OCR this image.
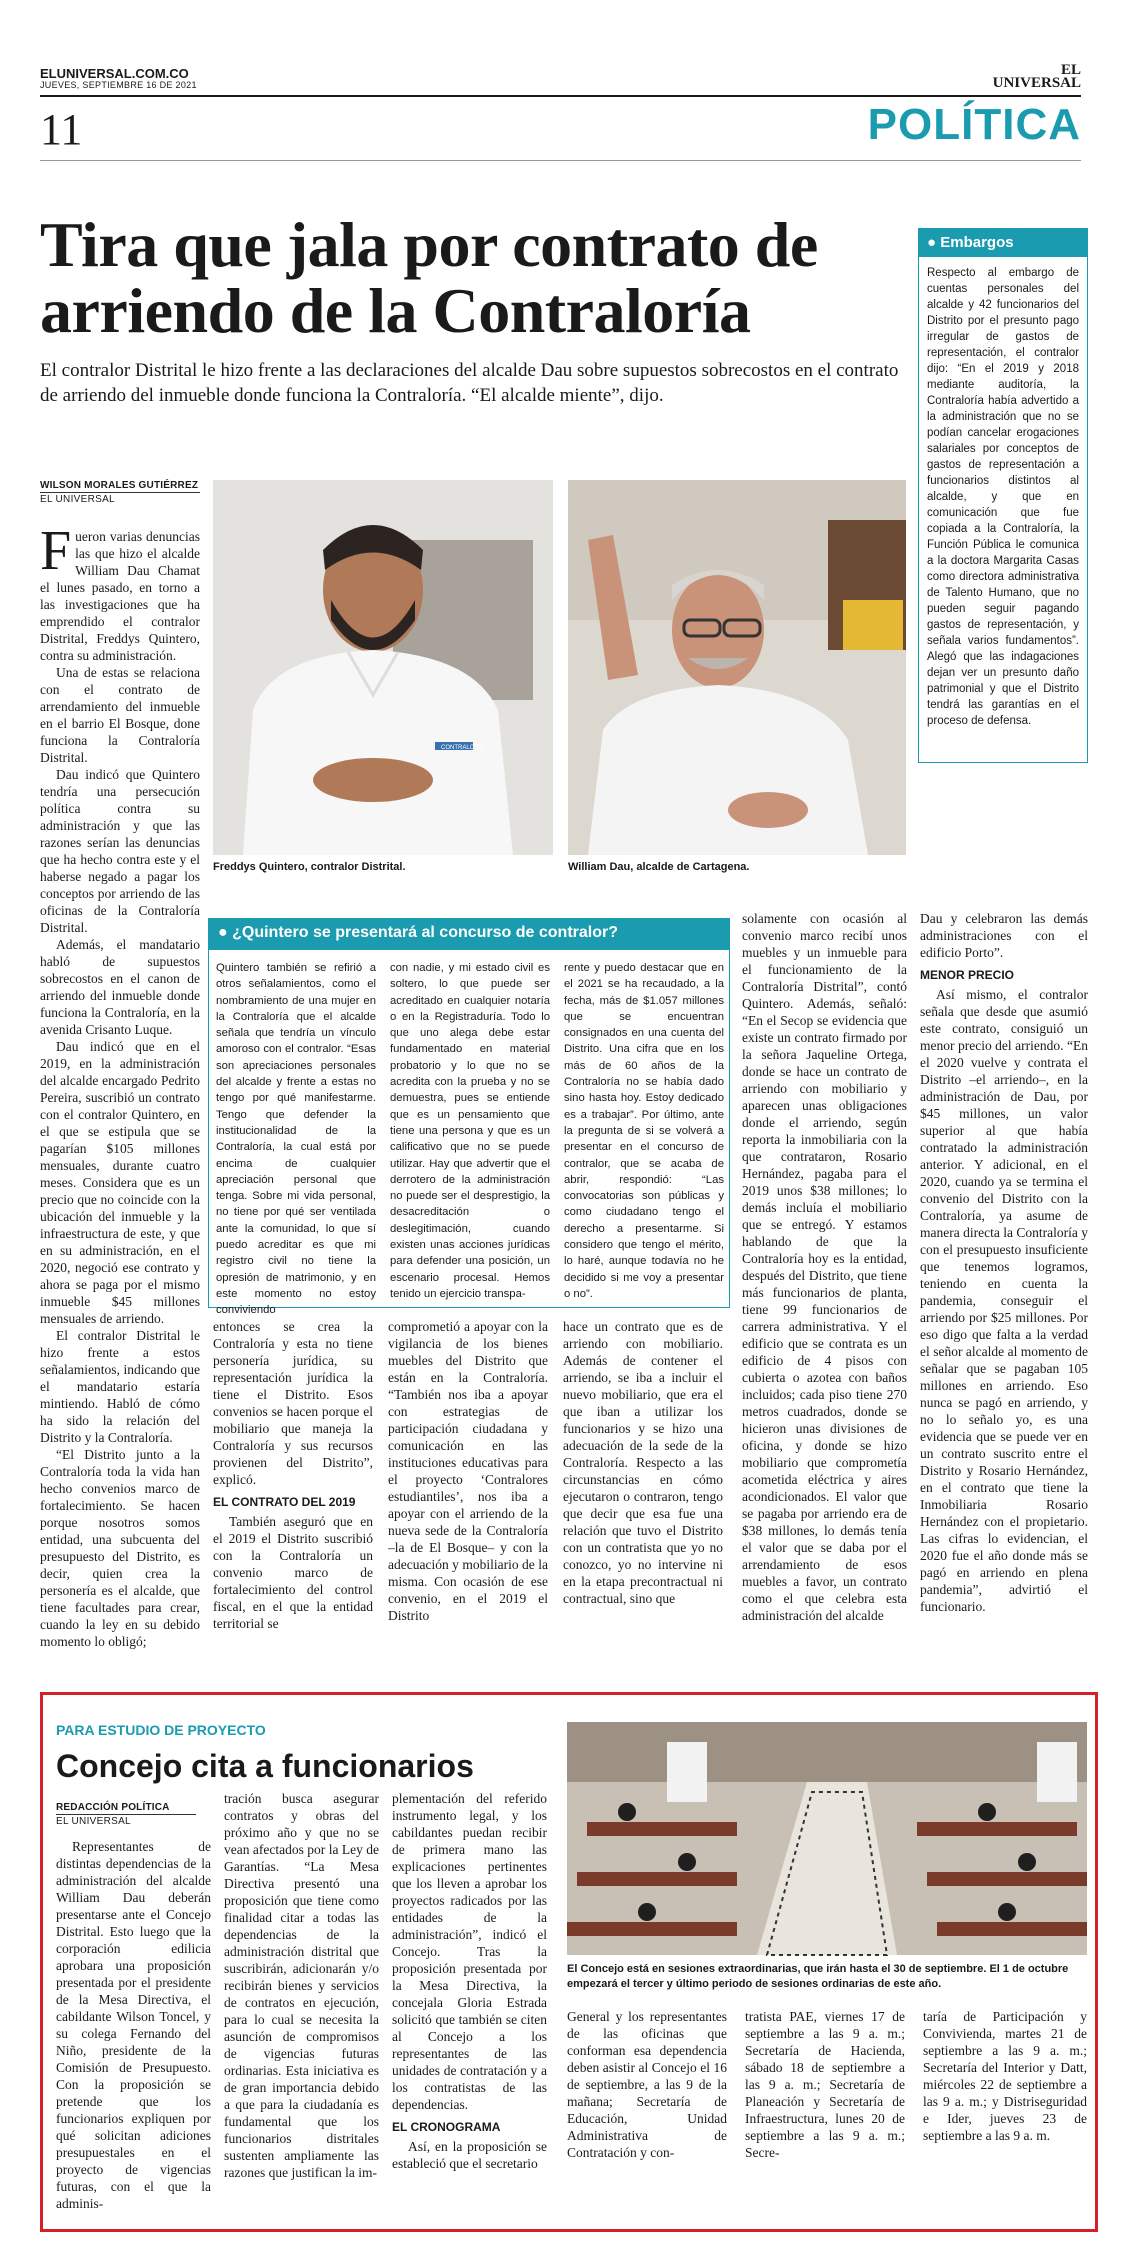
ELUNIVERSAL.COM.CO
JUEVES, SEPTIEMBRE 16 DE 2021
EL
UNIVERSAL
11	POLÍTICA
Tira que jala por contrato de
arriendo de la Contraloría
El contralor Distrital le hizo frente a las declaraciones del alcalde Dau sobre supuestos sobrecostos en el contrato de arriendo del inmueble donde funciona la Contraloría. “El alcalde miente”, dijo.
WILSON MORALES GUTIÉRREZ
EL UNIVERSAL

Fueron varias denuncias las que hizo el alcalde William Dau Chamat el lunes pasado, en torno a las investigaciones que ha emprendido el contralor Distrital, Freddys Quintero, contra su administración.

Una de estas se relaciona con el contrato de arrendamiento del inmueble en el barrio El Bosque, done funciona la Contraloría Distrital.

Dau indicó que Quintero tendría una persecución política contra su administración y que las razones serían las denuncias que ha hecho contra este y el haberse negado a pagar los conceptos por arriendo de las oficinas de la Contraloría Distrital.

Además, el mandatario habló de supuestos sobrecostos en el canon de arriendo del inmueble donde funciona la Contraloría, en la avenida Crisanto Luque.

Dau indicó que en el 2019, en la administración del alcalde encargado Pedrito Pereira, suscribió un contrato con el contralor Quintero, en el que se estipula que se pagarían $105 millones mensuales, durante cuatro meses. Considera que es un precio que no coincide con la ubicación del inmueble y la infraestructura de este, y que en su administración, en el 2020, negoció ese contrato y ahora se paga por el mismo inmueble $45 millones mensuales de arriendo.

El contralor Distrital le hizo frente a estos señalamientos, indicando que el mandatario estaría mintiendo. Habló de cómo ha sido la relación del Distrito y la Contraloría.

“El Distrito junto a la Contraloría toda la vida han hecho convenios marco de fortalecimiento. Se hacen porque nosotros somos entidad, una subcuenta del presupuesto del Distrito, es decir, quien crea la personería es el alcalde, que tiene facultades para crear, cuando la ley en su debido momento lo obligó;

CONTRALORÍA
Freddys Quintero, contralor Distrital.	William Dau, alcalde de Cartagena.
● Embargos
Respecto al embargo de cuentas personales del alcalde y 42 funcionarios del Distrito por el presunto pago irregular de gastos de representación, el contralor dijo: “En el 2019 y 2018 mediante auditoría, la Contraloría había advertido a la administración que no se podían cancelar erogaciones salariales por conceptos de gastos de representación a funcionarios distintos al alcalde, y que en comunicación que fue copiada a la Contraloría, la Función Pública le comunica a la doctora Margarita Casas como directora administrativa de Talento Humano, que no pueden seguir pagando gastos de representación, y señala varios fundamentos”. Alegó que las indagaciones dejan ver un presunto daño patrimonial y que el Distrito tendrá las garantías en el proceso de defensa.
● ¿Quintero se presentará al concurso de contralor?
Quintero también se refirió a otros señalamientos, como el nombramiento de una mujer en la Contraloría que el alcalde señala que tendría un vínculo amoroso con el contralor. “Esas son apreciaciones personales del alcalde y frente a estas no tengo por qué manifestarme. Tengo que defender la institucionalidad de la Contraloría, la cual está por encima de cualquier apreciación personal que tenga. Sobre mi vida personal, no tiene por qué ser ventilada ante la comunidad, lo que sí puedo acreditar es que mi registro civil no tiene la opresión de matrimonio, y en este momento no estoy conviviendo
con nadie, y mi estado civil es soltero, lo que puede ser acreditado en cualquier notaría o en la Registraduría. Todo lo que uno alega debe estar fundamentado en material probatorio y lo que no se acredita con la prueba y no se demuestra, pues se entiende que es un pensamiento que tiene una persona y que es un calificativo que no se puede utilizar. Hay que advertir que el derrotero de la administración no puede ser el desprestigio, la desacreditación o deslegitimación, cuando existen unas acciones jurídicas para defender una posición, un escenario procesal. Hemos tenido un ejercicio transpa-
rente y puedo destacar que en el 2021 se ha recaudado, a la fecha, más de $1.057 millones que se encuentran consignados en una cuenta del Distrito. Una cifra que en los más de 60 años de la Contraloría no se había dado sino hasta hoy. Estoy dedicado es a trabajar”. Por último, ante la pregunta de si se volverá a presentar en el concurso de contralor, que se acaba de abrir, respondió: “Las convocatorias son públicas y como ciudadano tengo el derecho a presentarme. Si considero que tengo el mérito, lo haré, aunque todavía no he decidido si me voy a presentar o no”.

entonces se crea la Contraloría y esta no tiene personería jurídica, su representación jurídica la tiene el Distrito. Esos convenios se hacen porque el mobiliario que maneja la Contraloría y sus recursos provienen del Distrito”, explicó.

EL CONTRATO DEL 2019

También aseguró que en el 2019 el Distrito suscribió con la Contraloría un convenio marco de fortalecimiento del control fiscal, en el que la entidad territorial se

comprometió a apoyar con la vigilancia de los bienes muebles del Distrito que están en la Contraloría. “También nos iba a apoyar con estrategias de participación ciudadana y comunicación en las instituciones educativas para el proyecto ‘Contralores estudiantiles’, nos iba a apoyar con el arriendo de la nueva sede de la Contraloría –la de El Bosque– y con la adecuación y mobiliario de la misma. Con ocasión de ese convenio, en el 2019 el Distrito

hace un contrato que es de arriendo con mobiliario. Además de contener el arriendo, se iba a incluir el nuevo mobiliario, que era el que iban a utilizar los funcionarios y se hizo una adecuación de la sede de la Contraloría. Respecto a las circunstancias en cómo ejecutaron o contraron, tengo que decir que esa fue una relación que tuvo el Distrito con un contratista que yo no conozco, yo no intervine ni en la etapa precontractual ni contractual, sino que

solamente con ocasión al convenio marco recibí unos muebles y un inmueble para el funcionamiento de la Contraloría Distrital”, contó Quintero. Además, señaló: “En el Secop se evidencia que existe un contrato firmado por la señora Jaqueline Ortega, donde se hace un contrato de arriendo con mobiliario y aparecen unas obligaciones donde el arriendo, según reporta la inmobiliaria con la que contrataron, Rosario Hernández, pagaba para el 2019 unos $38 millones; lo demás incluía el mobiliario que se entregó. Y estamos hablando de que la Contraloría hoy es la entidad, después del Distrito, que tiene más funcionarios de planta, tiene 99 funcionarios de carrera administrativa. Y el edificio que se contrata es un edificio de 4 pisos con cubierta o azotea con baños incluidos; cada piso tiene 270 metros cuadrados, donde se hicieron unas divisiones de oficina, y donde se hizo mobiliario que comprometía acometida eléctrica y aires acondicionados. El valor que se pagaba por arriendo era de $38 millones, lo demás tenía el valor que se daba por el arrendamiento de esos muebles a favor, un contrato como el que celebra esta administración del alcalde

Dau y celebraron las demás administraciones con el edificio Porto”.

MENOR PRECIO

Así mismo, el contralor señala que desde que asumió este contrato, consiguió un menor precio del arriendo. “En el 2020 vuelve y contrata el Distrito –el arriendo–, en la administración de Dau, por $45 millones, un valor superior al que había contratado la administración anterior. Y adicional, en el 2020, cuando ya se termina el convenio del Distrito con la Contraloría, ya asume de manera directa la Contraloría y con el presupuesto insuficiente que tenemos logramos, teniendo en cuenta la pandemia, conseguir el arriendo por $25 millones. Por eso digo que falta a la verdad el señor alcalde al momento de señalar que se pagaban 105 millones en arriendo. Eso nunca se pagó en arriendo, y no lo señalo yo, es una evidencia que se puede ver en un contrato suscrito entre el Distrito y Rosario Hernández, en el contrato que tiene la Inmobiliaria Rosario Hernández con el propietario. Las cifras lo evidencian, el 2020 fue el año donde más se pagó en arriendo en plena pandemia”, advirtió el funcionario.

PARA ESTUDIO DE PROYECTO
Concejo cita a funcionarios
REDACCIÓN POLÍTICA
EL UNIVERSAL

Representantes de distintas dependencias de la administración del alcalde William Dau deberán presentarse ante el Concejo Distrital. Esto luego que la corporación edilicia aprobara una proposición presentada por el presidente de la Mesa Directiva, el cabildante Wilson Toncel, y su colega Fernando del Niño, presidente de la Comisión de Presupuesto. Con la proposición se pretende que los funcionarios expliquen por qué solicitan adiciones presupuestales en el proyecto de vigencias futuras, con el que la adminis-

tración busca asegurar contratos y obras del próximo año y que no se vean afectados por la Ley de Garantías. “La Mesa Directiva presentó una proposición que tiene como finalidad citar a todas las dependencias de la administración distrital que suscribirán, adicionarán y/o recibirán bienes y servicios de contratos en ejecución, para lo cual se necesita la asunción de compromisos de vigencias futuras ordinarias. Esta iniciativa es de gran importancia debido a que para la ciudadanía es fundamental que los funcionarios distritales sustenten ampliamente las razones que justifican la im-

plementación del referido instrumento legal, y los cabildantes puedan recibir de primera mano las explicaciones pertinentes que los lleven a aprobar los proyectos radicados por las entidades de la administración”, indicó el Concejo. Tras la proposición presentada por la Mesa Directiva, la concejala Gloria Estrada solicitó que también se citen al Concejo a los representantes de las unidades de contratación y a los contratistas de las dependencias.

EL CRONOGRAMA

Así, en la proposición se estableció que el secretario

El Concejo está en sesiones extraordinarias, que irán hasta el 30 de septiembre. El 1 de octubre empezará el tercer y último periodo de sesiones ordinarias de este año.

General y los representantes de las oficinas que conforman esa dependencia deben asistir al Concejo el 16 de septiembre, a las 9 de la mañana; Secretaría de Educación, Unidad Administrativa de Contratación y con-

tratista PAE, viernes 17 de septiembre a las 9 a. m.; Secretaría de Hacienda, sábado 18 de septiembre a las 9 a. m.; Secretaría de Planeación y Secretaría de Infraestructura, lunes 20 de septiembre a las 9 a. m.; Secre-

taría de Participación y Convivienda, martes 21 de septiembre a las 9 a. m.; Secretaría del Interior y Datt, miércoles 22 de septiembre a las 9 a. m.; y Distriseguridad e Ider, jueves 23 de septiembre a las 9 a. m.
